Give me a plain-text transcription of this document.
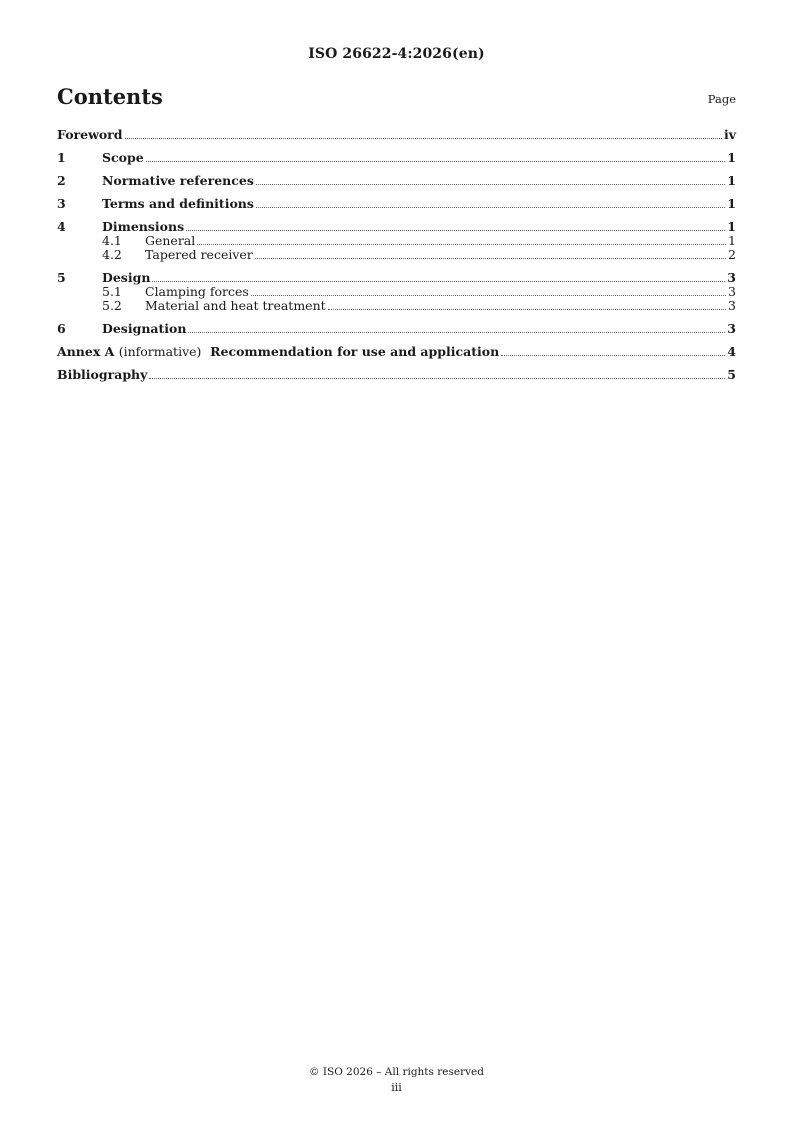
ISO 26622-4:2026(en)
Contents	Page
Foreword	iv
1	Scope	1
2	Normative references	1
3	Terms and definitions	1
4	Dimensions	1
4.1	General	1
4.2	Tapered receiver	2
5	Design	3
5.1	Clamping forces	3
5.2	Material and heat treatment	3
6	Designation	3
Annex A (informative) Recommendation for use and application	4
Bibliography	5
© ISO 2026 – All rights reserved
iii
